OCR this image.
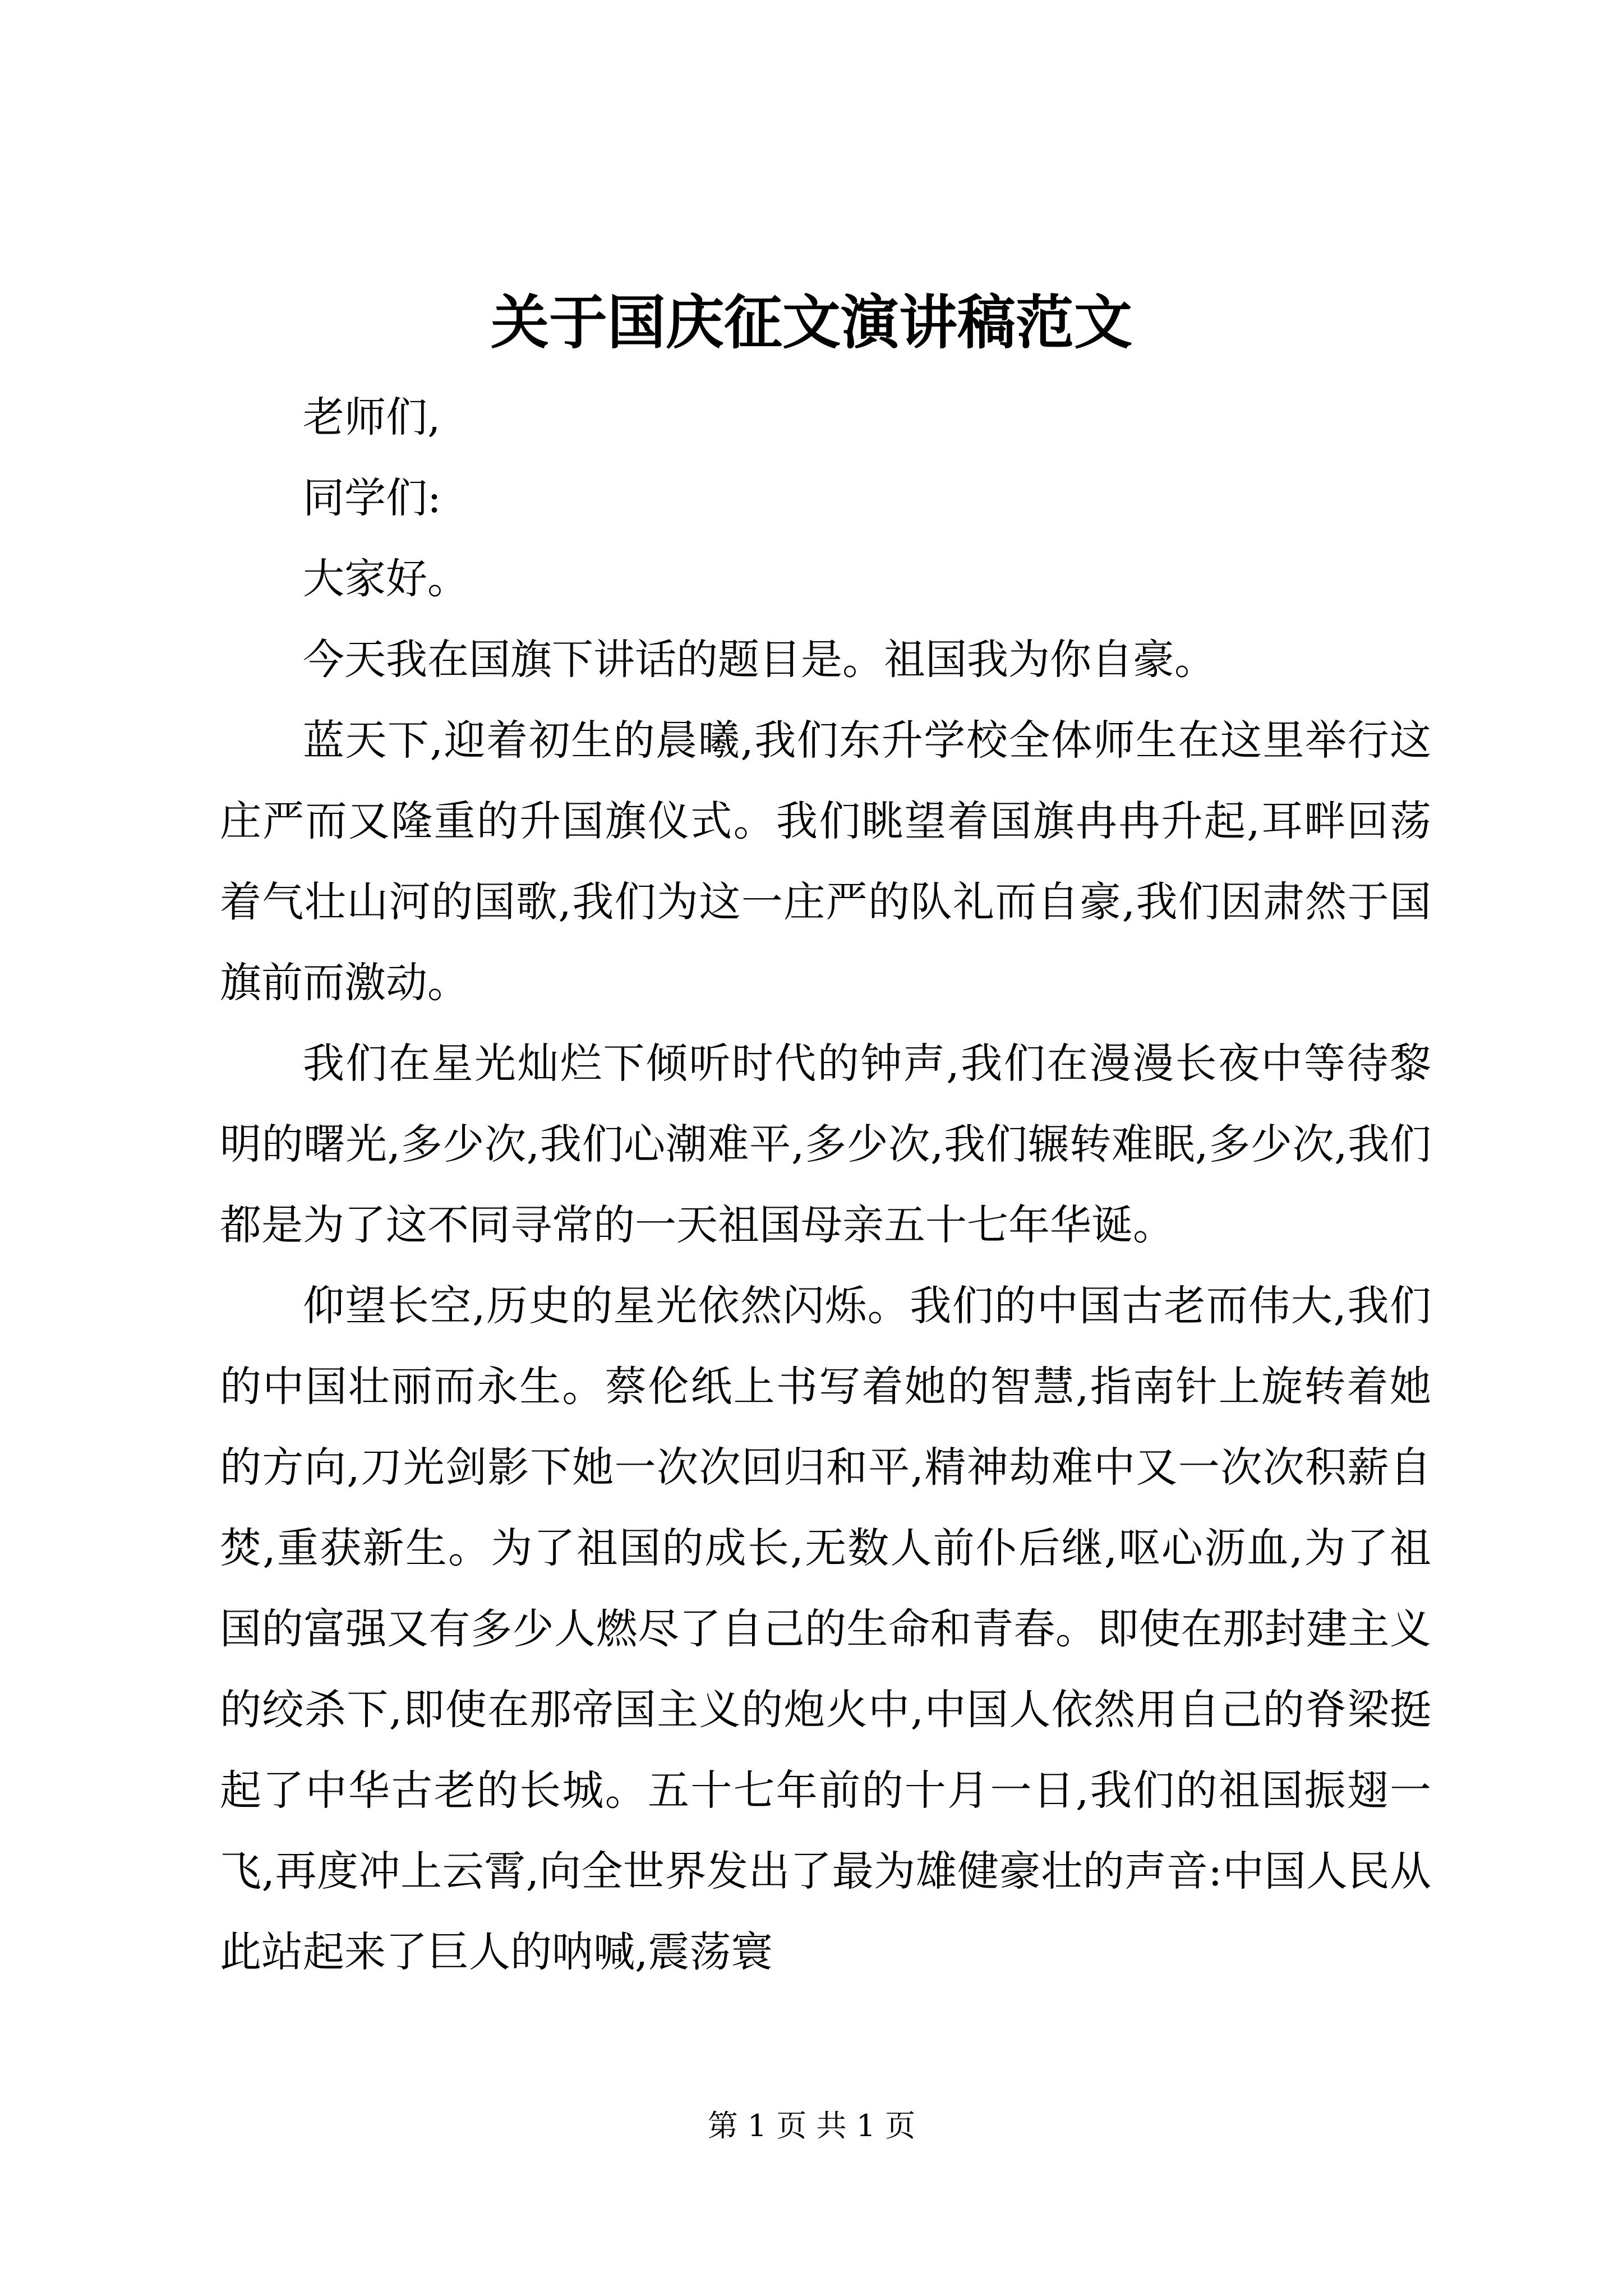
关于国庆征文演讲稿范文

老师们,

同学们:

大家好。

今天我在国旗下讲话的题目是。祖国我为你自豪。

蓝天下,迎着初生的晨曦,我们东升学校全体师生在这里举行这庄严而又隆重的升国旗仪式。我们眺望着国旗冉冉升起,耳畔回荡着气壮山河的国歌,我们为这一庄严的队礼而自豪,我们因肃然于国旗前而激动。

我们在星光灿烂下倾听时代的钟声,我们在漫漫长夜中等待黎明的曙光,多少次,我们心潮难平,多少次,我们辗转难眠,多少次,我们都是为了这不同寻常的一天祖国母亲五十七年华诞。

仰望长空,历史的星光依然闪烁。我们的中国古老而伟大,我们的中国壮丽而永生。蔡伦纸上书写着她的智慧,指南针上旋转着她的方向,刀光剑影下她一次次回归和平,精神劫难中又一次次积薪自焚,重获新生。为了祖国的成长,无数人前仆后继,呕心沥血,为了祖国的富强又有多少人燃尽了自己的生命和青春。即使在那封建主义的绞杀下,即使在那帝国主义的炮火中,中国人依然用自己的脊梁挺起了中华古老的长城。五十七年前的十月一日,我们的祖国振翅一飞,再度冲上云霄,向全世界发出了最为雄健豪壮的声音:中国人民从此站起来了巨人的呐喊,震荡寰

第 1 页 共 1 页
